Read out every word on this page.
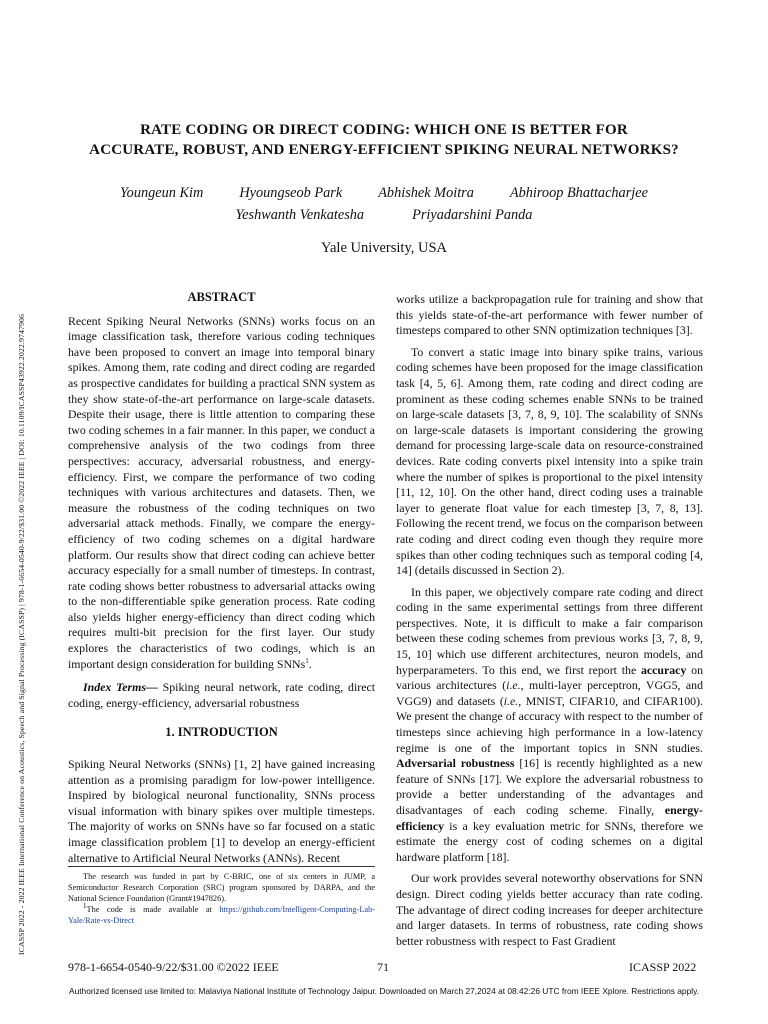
ICASSP 2022 - 2022 IEEE International Conference on Acoustics, Speech and Signal Processing (ICASSP) | 978-1-6654-0540-9/22/$31.00 ©2022 IEEE | DOI: 10.1109/ICASSP43922.2022.9747906
RATE CODING OR DIRECT CODING: WHICH ONE IS BETTER FOR
ACCURATE, ROBUST, AND ENERGY-EFFICIENT SPIKING NEURAL NETWORKS?
Youngeun Kim	Hyoungseob Park	Abhishek Moitra	Abhiroop Bhattacharjee
Yeshwanth Venkatesha	Priyadarshini Panda
Yale University, USA
ABSTRACT

Recent Spiking Neural Networks (SNNs) works focus on an image classification task, therefore various coding techniques have been proposed to convert an image into temporal binary spikes. Among them, rate coding and direct coding are regarded as prospective candidates for building a practical SNN system as they show state-of-the-art performance on large-scale datasets. Despite their usage, there is little attention to comparing these two coding schemes in a fair manner. In this paper, we conduct a comprehensive analysis of the two codings from three perspectives: accuracy, adversarial robustness, and energy-efficiency. First, we compare the performance of two coding techniques with various architectures and datasets. Then, we measure the robustness of the coding techniques on two adversarial attack methods. Finally, we compare the energy-efficiency of two coding schemes on a digital hardware platform. Our results show that direct coding can achieve better accuracy especially for a small number of timesteps. In contrast, rate coding shows better robustness to adversarial attacks owing to the non-differentiable spike generation process. Rate coding also yields higher energy-efficiency than direct coding which requires multi-bit precision for the first layer. Our study explores the characteristics of two codings, which is an important design consideration for building SNNs$^1$.

Index Terms— Spiking neural network, rate coding, direct coding, energy-efficiency, adversarial robustness

1. INTRODUCTION

Spiking Neural Networks (SNNs) [1, 2] have gained increasing attention as a promising paradigm for low-power intelligence. Inspired by biological neuronal functionality, SNNs process visual information with binary spikes over multiple timesteps. The majority of works on SNNs have so far focused on a static image classification problem [1] to develop an energy-efficient alternative to Artificial Neural Networks (ANNs). Recent

The research was funded in part by C-BRIC, one of six centers in JUMP, a Semiconductor Research Corporation (SRC) program sponsored by DARPA, and the National Science Foundation (Grant#1947826).

$^1$The code is made available at https://github.com/Intelligent-Computing-Lab-Yale/Rate-vs-Direct

works utilize a backpropagation rule for training and show that this yields state-of-the-art performance with fewer number of timesteps compared to other SNN optimization techniques [3].

To convert a static image into binary spike trains, various coding schemes have been proposed for the image classification task [4, 5, 6]. Among them, rate coding and direct coding are prominent as these coding schemes enable SNNs to be trained on large-scale datasets [3, 7, 8, 9, 10]. The scalability of SNNs on large-scale datasets is important considering the growing demand for processing large-scale data on resource-constrained devices. Rate coding converts pixel intensity into a spike train where the number of spikes is proportional to the pixel intensity [11, 12, 10]. On the other hand, direct coding uses a trainable layer to generate float value for each timestep [3, 7, 8, 13]. Following the recent trend, we focus on the comparison between rate coding and direct coding even though they require more spikes than other coding techniques such as temporal coding [4, 14] (details discussed in Section 2).

In this paper, we objectively compare rate coding and direct coding in the same experimental settings from three different perspectives. Note, it is difficult to make a fair comparison between these coding schemes from previous works [3, 7, 8, 9, 15, 10] which use different architectures, neuron models, and hyperparameters. To this end, we first report the accuracy on various architectures (i.e., multi-layer perceptron, VGG5, and VGG9) and datasets (i.e., MNIST, CIFAR10, and CIFAR100). We present the change of accuracy with respect to the number of timesteps since achieving high performance in a low-latency regime is one of the important topics in SNN studies. Adversarial robustness [16] is recently highlighted as a new feature of SNNs [17]. We explore the adversarial robustness to provide a better understanding of the advantages and disadvantages of each coding scheme. Finally, energy-efficiency is a key evaluation metric for SNNs, therefore we estimate the energy cost of coding schemes on a digital hardware platform [18].

Our work provides several noteworthy observations for SNN design. Direct coding yields better accuracy than rate coding. The advantage of direct coding increases for deeper architecture and larger datasets. In terms of robustness, rate coding shows better robustness with respect to Fast Gradient

978-1-6654-0540-9/22/$31.00 ©2022 IEEE	71	ICASSP 2022
Authorized licensed use limited to: Malaviya National Institute of Technology Jaipur. Downloaded on March 27,2024 at 08:42:26 UTC from IEEE Xplore. Restrictions apply.
